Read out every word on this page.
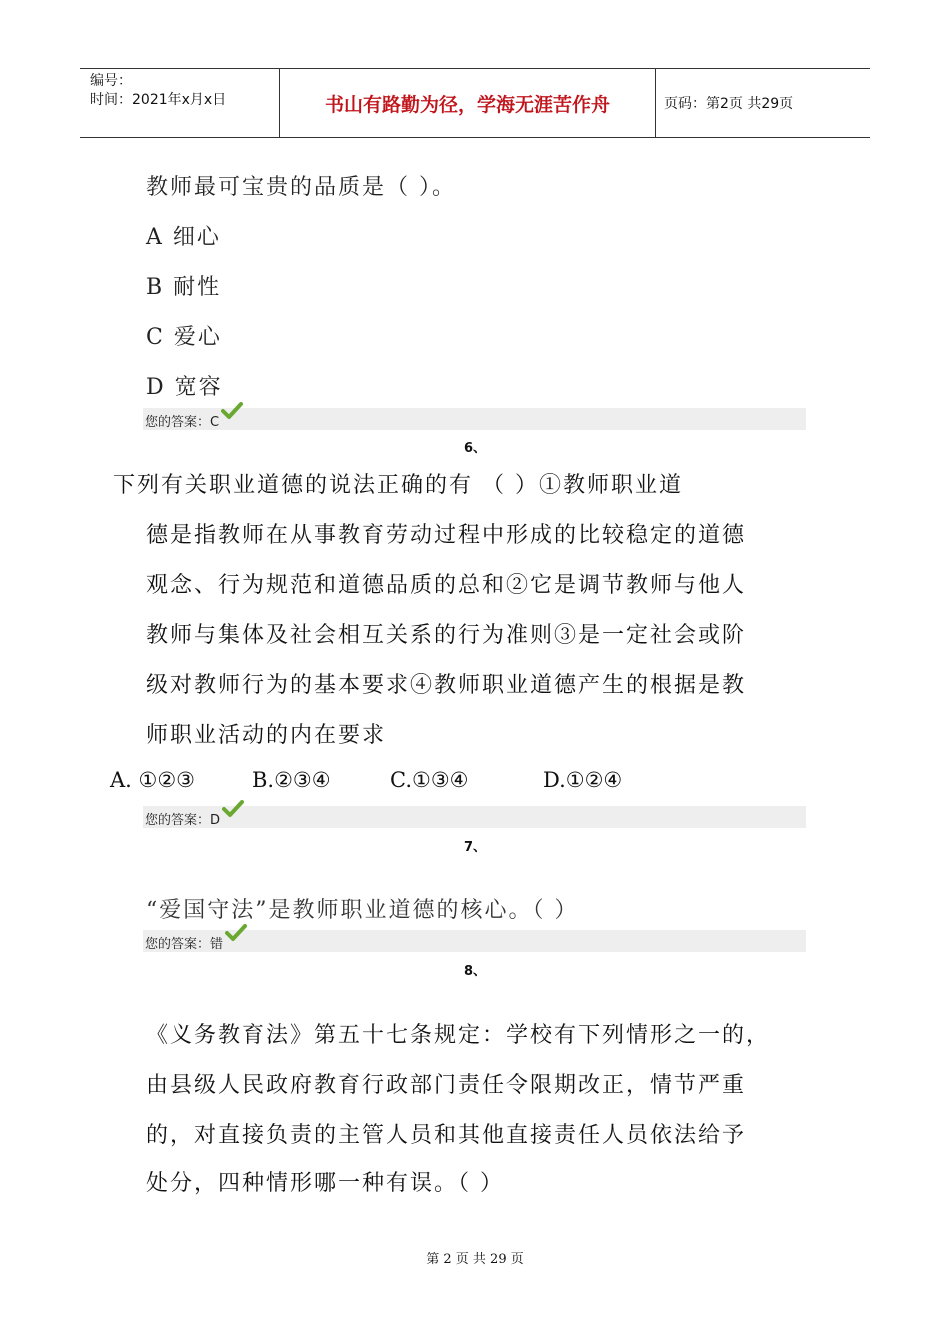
编号：
时间：2021年x月x日	书山有路勤为径，学海无涯苦作舟	页码：第2页 共29页
教师最可宝贵的品质是（ ）。
A 细心
B 耐性
C 爱心
D 宽容
您的答案：C
6、
下列有关职业道德的说法正确的有 （ ）①教师职业道
德是指教师在从事教育劳动过程中形成的比较稳定的道德
观念、行为规范和道德品质的总和②它是调节教师与他人
教师与集体及社会相互关系的行为准则③是一定社会或阶
级对教师行为的基本要求④教师职业道德产生的根据是教
师职业活动的内在要求
A. ①②③	B.②③④	C.①③④	D.①②④
您的答案：D
7、
“爱国守法”是教师职业道德的核心。（ ）
您的答案：错
8、
《义务教育法》第五十七条规定：学校有下列情形之一的，
由县级人民政府教育行政部门责任令限期改正，情节严重
的，对直接负责的主管人员和其他直接责任人员依法给予
处分，四种情形哪一种有误。（ ）
第 2 页 共 29 页
